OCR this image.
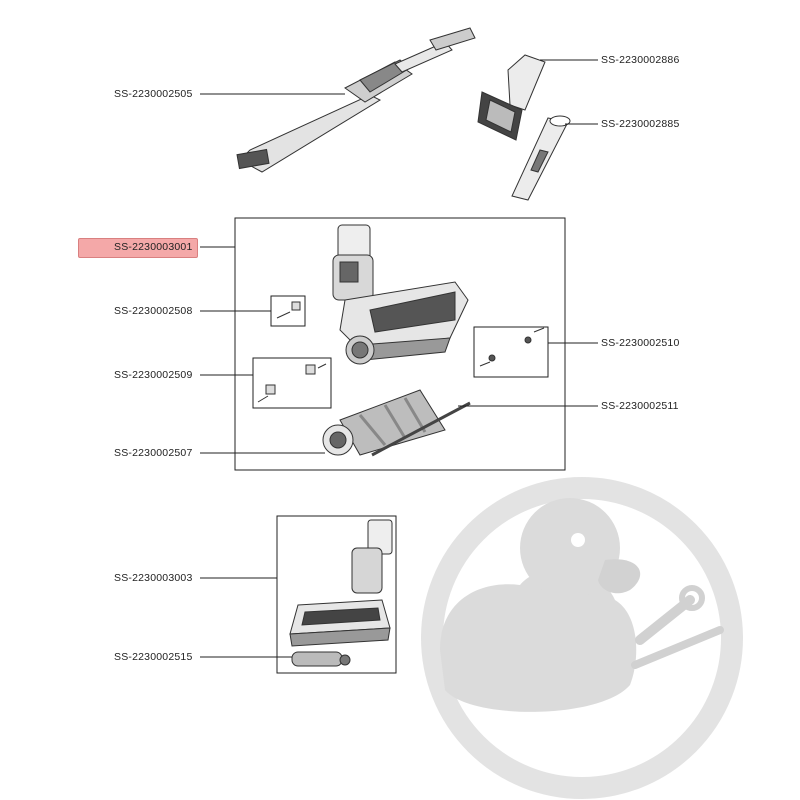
SS-2230002505
SS-2230002886
SS-2230002885
SS-2230003001
SS-2230002508
SS-2230002510
SS-2230002509
SS-2230002511
SS-2230002507
SS-2230003003
SS-2230002515
